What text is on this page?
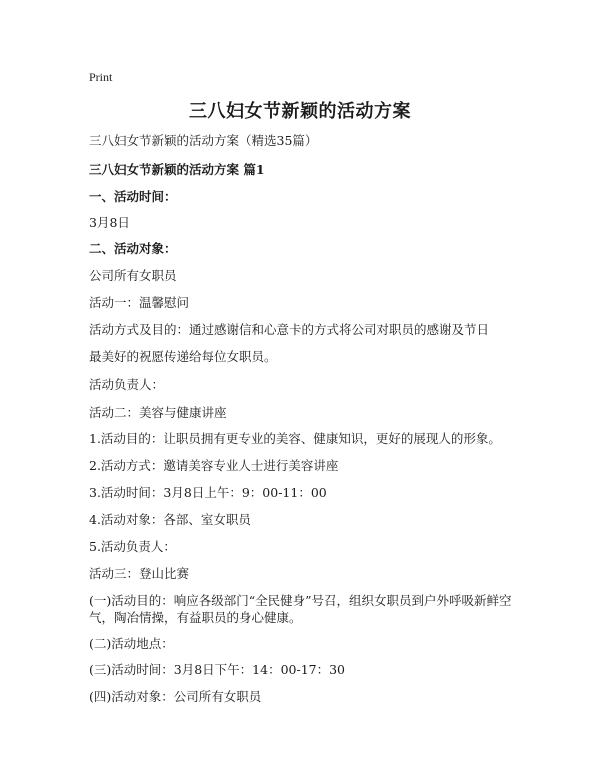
Print
三八妇女节新颖的活动方案
三八妇女节新颖的活动方案（精选35篇）
三八妇女节新颖的活动方案 篇1
一、活动时间：
3月8日
二、活动对象：
公司所有女职员
活动一：温馨慰问
活动方式及目的：通过感谢信和心意卡的方式将公司对职员的感谢及节日
最美好的祝愿传递给每位女职员。
活动负责人：
活动二：美容与健康讲座
1.活动目的：让职员拥有更专业的美容、健康知识，更好的展现人的形象。
2.活动方式：邀请美容专业人士进行美容讲座
3.活动时间：3月8日上午：9：00-11：00
4.活动对象：各部、室女职员
5.活动负责人：
活动三：登山比赛
(一)活动目的：响应各级部门“全民健身”号召，组织女职员到户外呼吸新鲜空气，陶冶情操，有益职员的身心健康。
(二)活动地点：
(三)活动时间：3月8日下午：14：00-17：30
(四)活动对象：公司所有女职员
